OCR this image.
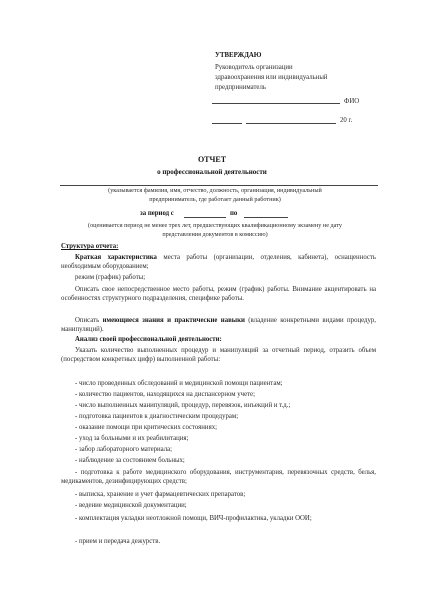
УТВЕРЖДАЮ
Руководитель организации
здравоохранения или индивидуальный
предприниматель
ФИО
20 г.
ОТЧЕТ
о профессиональной деятельности
(указывается фамилия, имя, отчество, должность, организация, индивидуальный
предприниматель, где работает данный работник)
за период с	по
(оценивается период не менее трех лет, предшествующих квалификационному экзамену не дату
представления документов в комиссию)
Структура отчета:
Краткая характеристика места работы (организации, отделения, кабинета), оснащенность необходимым оборудованием;
режим (график) работы;
Описать свое непосредственное место работы, режим (график) работы. Внимание акцентировать на особенностях структурного подразделения, специфике работы.
Описать имеющиеся знания и практические навыки (владение конкретными видами процедур, манипуляций).
Анализ своей профессиональной деятельности:
Указать количество выполненных процедур и манипуляций за отчетный период, отразить объем (посредством конкретных цифр) выполненной работы:
- число проведенных обследований и медицинской помощи пациентам;
- количество пациентов, находящихся на диспансерном учете;
- число выполненных манипуляций, процедур, перевязок, инъекций и т.д.;
- подготовка пациентов к диагностическим процедурам;
- оказание помощи при критических состояниях;
- уход за больными и их реабилитация;
- забор лабораторного материала;
- наблюдение за состоянием больных;
- подготовка к работе медицинского оборудования, инструментария, перевязочных средств, белья, медикаментов, дезинфицирующих средств;
- выписка, хранение и учет фармацевтических препаратов;
- ведение медицинской документации;
- комплектация укладки неотложной помощи, ВИЧ-профилактика, укладки ООИ;
- прием и передача дежурств.
